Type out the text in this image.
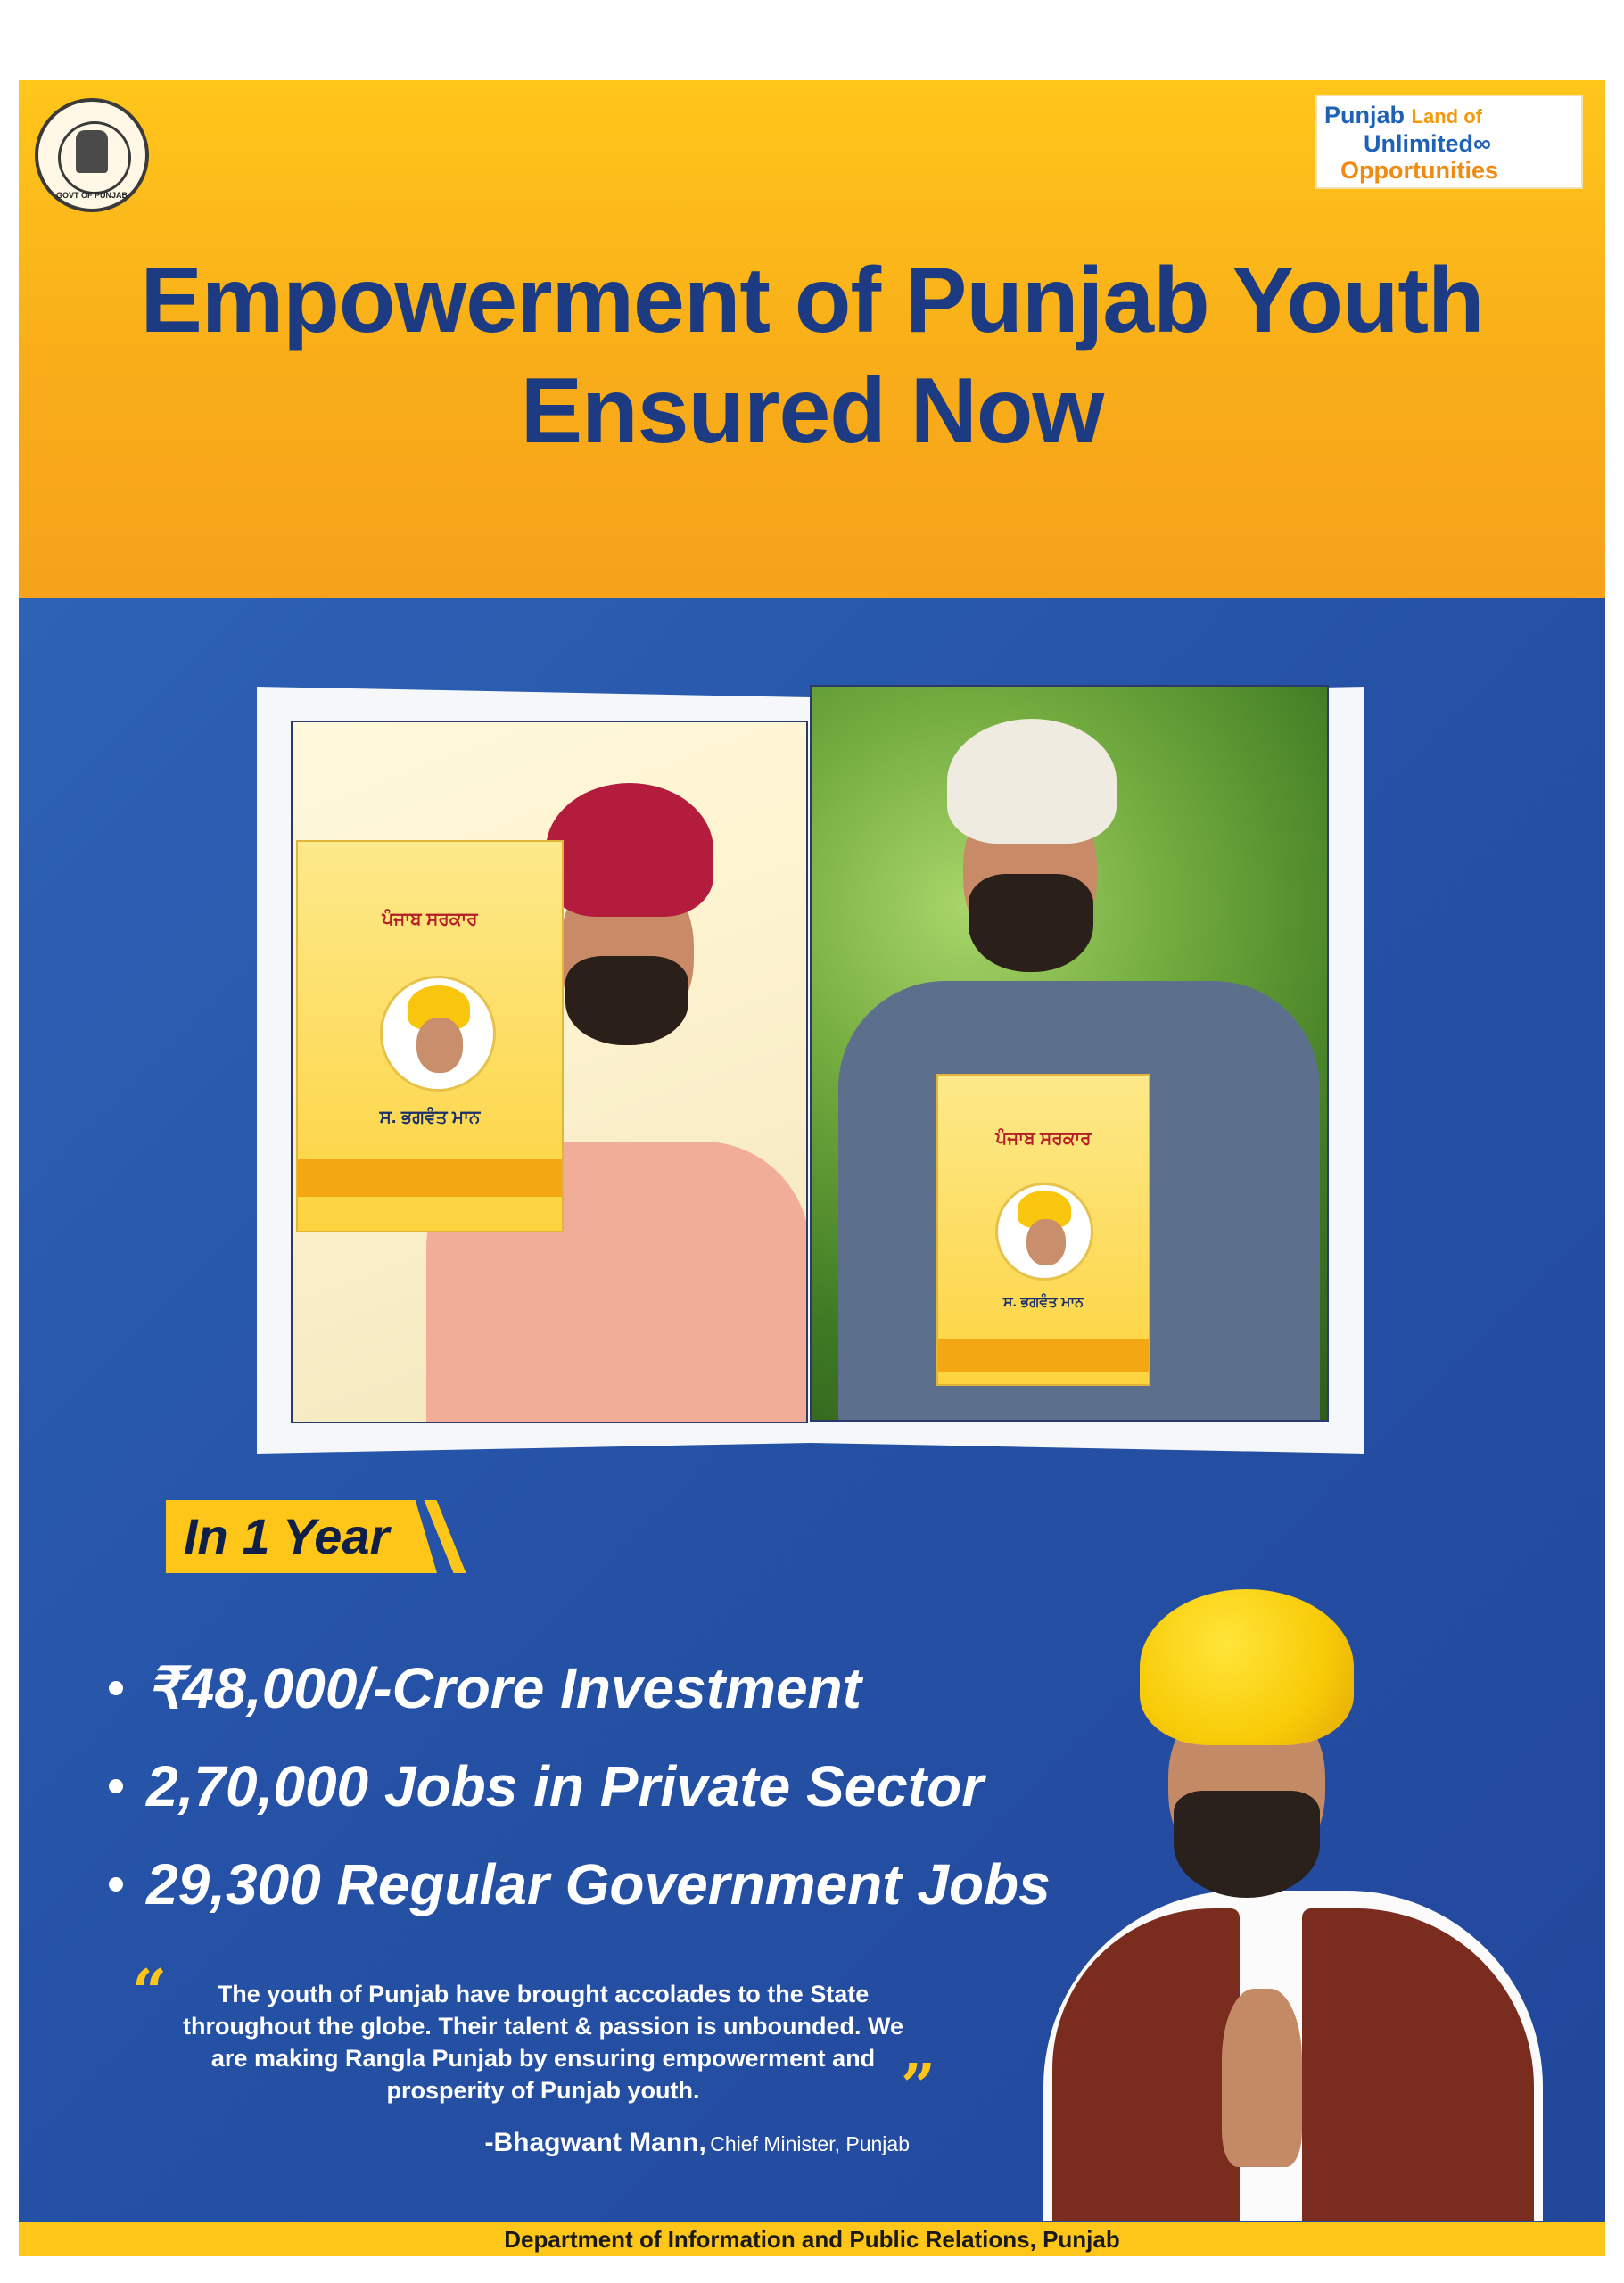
GOVT OF PUNJAB
Punjab Land of
Unlimited∞
Opportunities
Empowerment of Punjab Youth
Ensured Now
ਪੰਜਾਬ ਸਰਕਾਰ
ਸ. ਭਗਵੰਤ ਮਾਨ
ਪੰਜਾਬ ਸਰਕਾਰ
ਸ. ਭਗਵੰਤ ਮਾਨ
In 1 Year
₹48,000/-Crore Investment
2,70,000 Jobs in Private Sector
29,300 Regular Government Jobs
“	The youth of Punjab have brought accolades to the State throughout the globe. Their talent & passion is unbounded. We are making Rangla Punjab by ensuring empowerment and prosperity of Punjab youth.	”
-Bhagwant Mann, Chief Minister, Punjab
Department of Information and Public Relations, Punjab
